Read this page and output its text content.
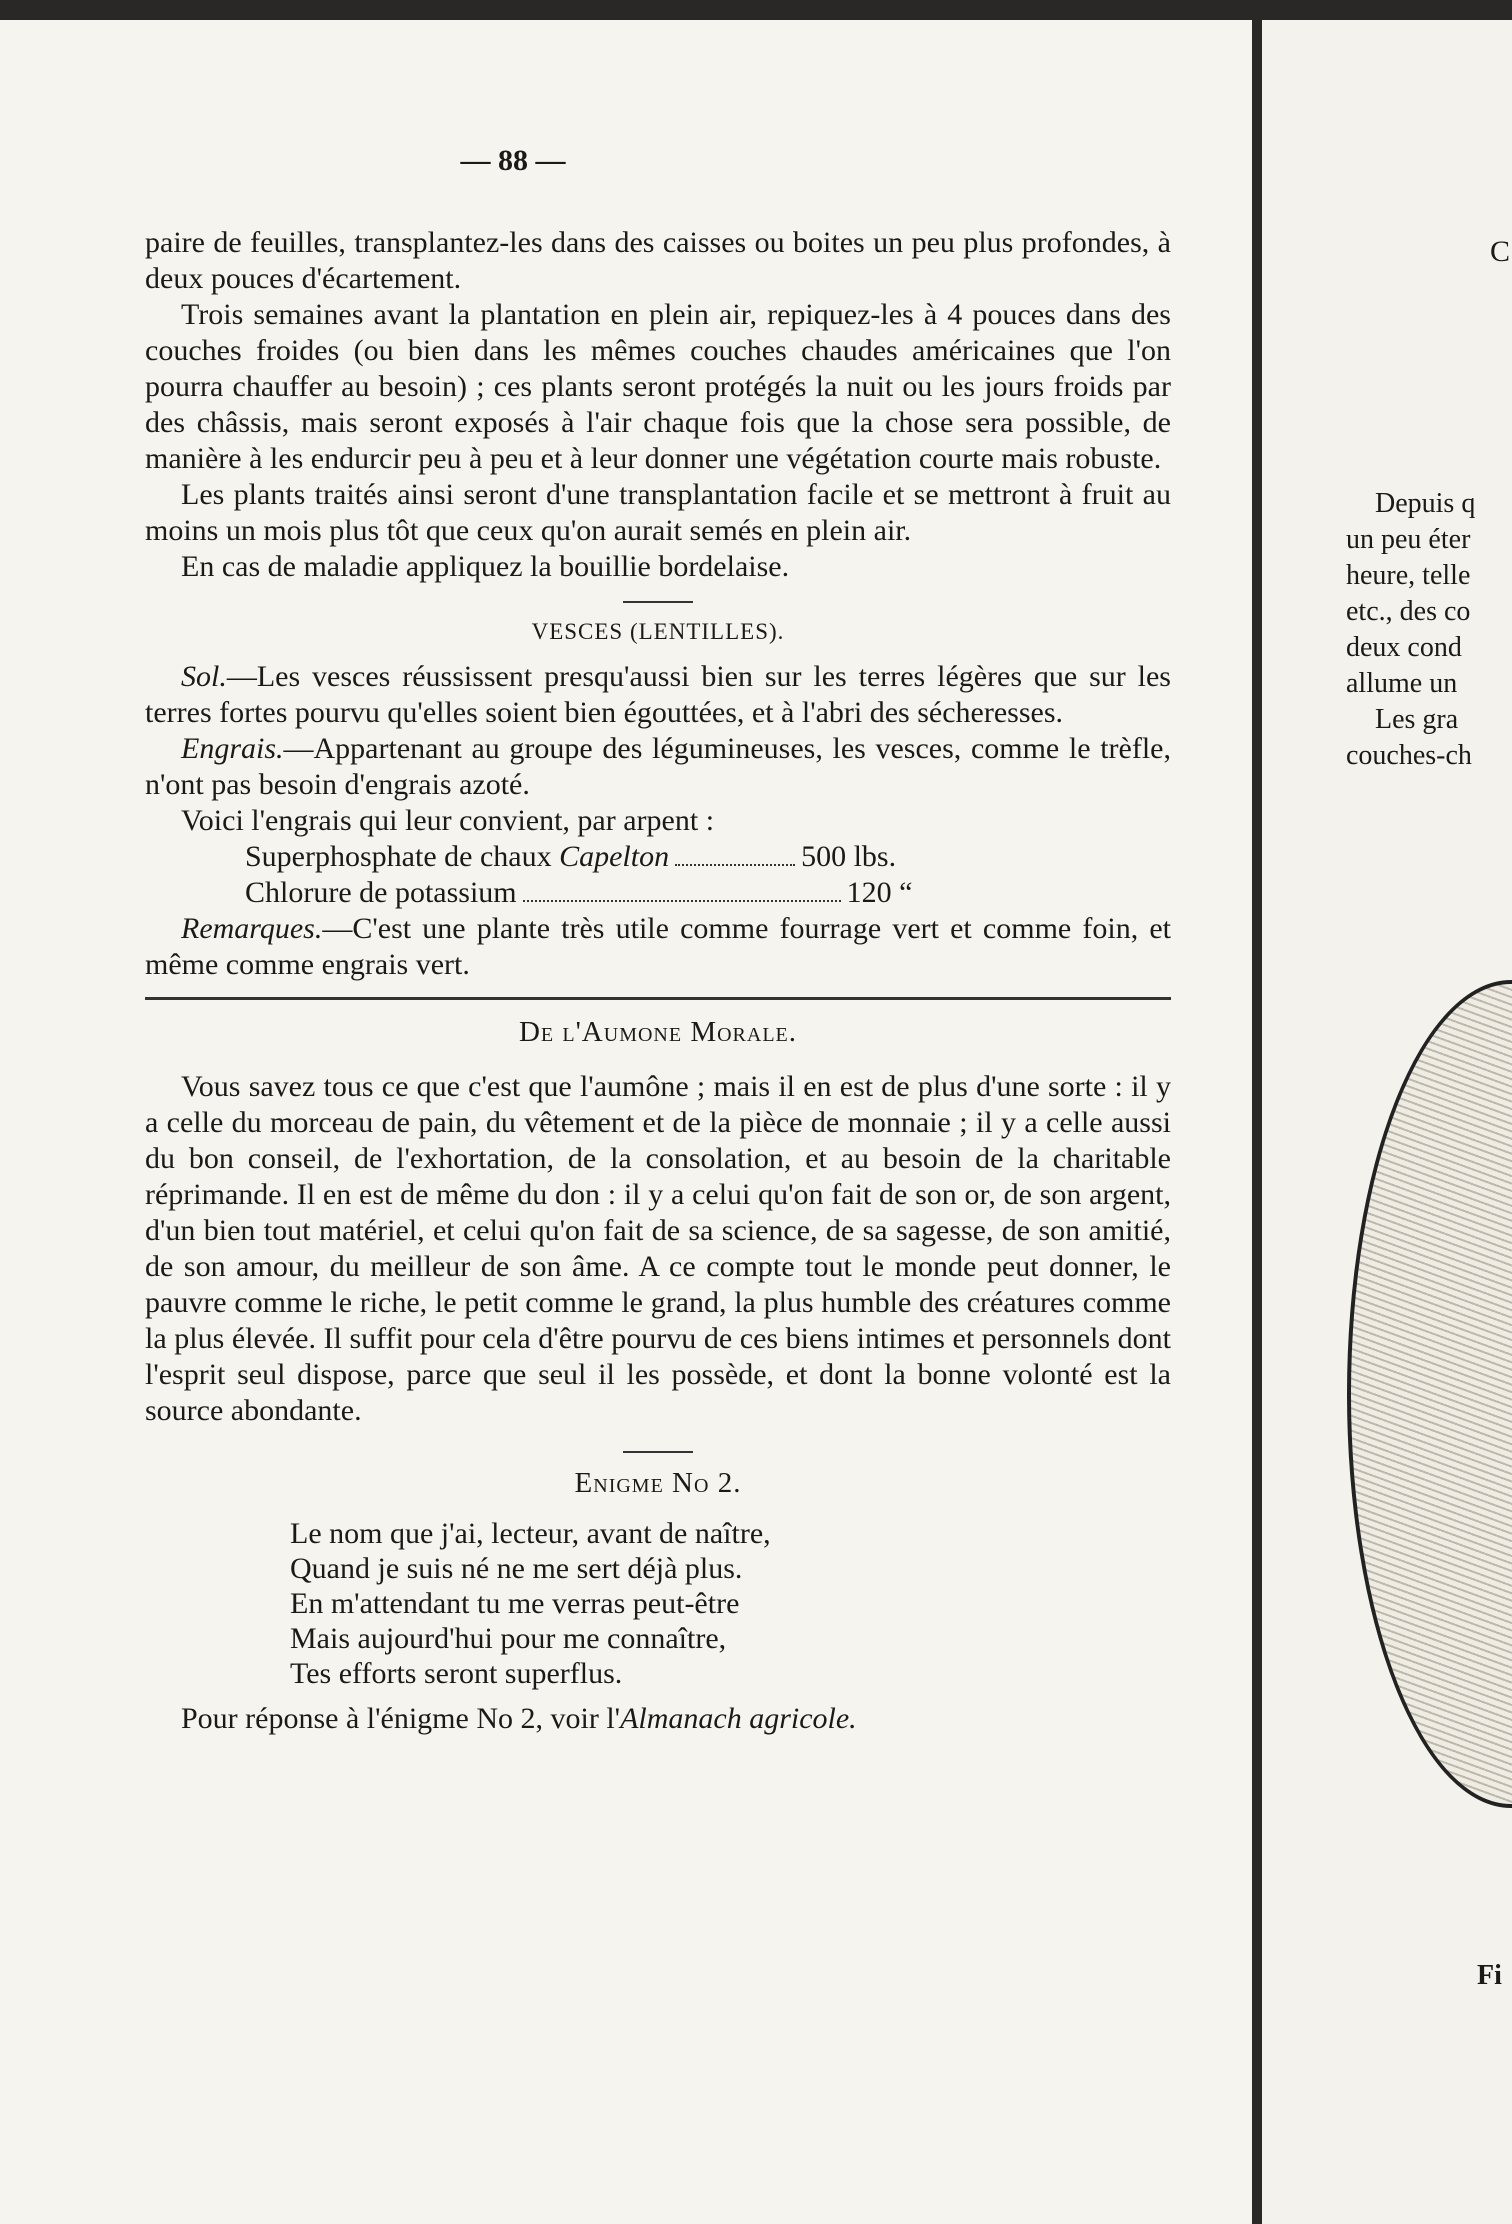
— 88 —

paire de feuilles, transplantez-les dans des caisses ou boites un peu plus profondes, à deux pouces d'écartement.

Trois semaines avant la plantation en plein air, repiquez-les à 4 pouces dans des couches froides (ou bien dans les mêmes couches chaudes américaines que l'on pourra chauffer au besoin) ; ces plants seront protégés la nuit ou les jours froids par des châssis, mais seront exposés à l'air chaque fois que la chose sera possible, de manière à les endurcir peu à peu et à leur donner une végétation courte mais robuste.

Les plants traités ainsi seront d'une transplantation facile et se mettront à fruit au moins un mois plus tôt que ceux qu'on aurait semés en plein air.

En cas de maladie appliquez la bouillie bordelaise.

VESCES (LENTILLES).

Sol.—Les vesces réussissent presqu'aussi bien sur les terres légères que sur les terres fortes pourvu qu'elles soient bien égouttées, et à l'abri des sécheresses.

Engrais.—Appartenant au groupe des légumineuses, les vesces, comme le trèfle, n'ont pas besoin d'engrais azoté.

Voici l'engrais qui leur convient, par arpent :

Superphosphate de chaux Capelton	500 lbs.
Chlorure de potassium	120 “

Remarques.—C'est une plante très utile comme fourrage vert et comme foin, et même comme engrais vert.

De l'Aumone Morale.

Vous savez tous ce que c'est que l'aumône ; mais il en est de plus d'une sorte : il y a celle du morceau de pain, du vêtement et de la pièce de monnaie ; il y a celle aussi du bon conseil, de l'exhortation, de la consolation, et au besoin de la charitable réprimande. Il en est de même du don : il y a celui qu'on fait de son or, de son argent, d'un bien tout matériel, et celui qu'on fait de sa science, de sa sagesse, de son amitié, de son amour, du meilleur de son âme. A ce compte tout le monde peut donner, le pauvre comme le riche, le petit comme le grand, la plus humble des créatures comme la plus élevée. Il suffit pour cela d'être pourvu de ces biens intimes et personnels dont l'esprit seul dispose, parce que seul il les possède, et dont la bonne volonté est la source abondante.

Enigme No 2.
Le nom que j'ai, lecteur, avant de naître,
Quand je suis né ne me sert déjà plus.
En m'attendant tu me verras peut-être
Mais aujourd'hui pour me connaître,
Tes efforts seront superflus.

Pour réponse à l'énigme No 2, voir l'Almanach agricole.

C
Depuis q
un peu éter
heure, telle
etc., des co
deux cond
allume un
Les gra
couches-ch
Fi
